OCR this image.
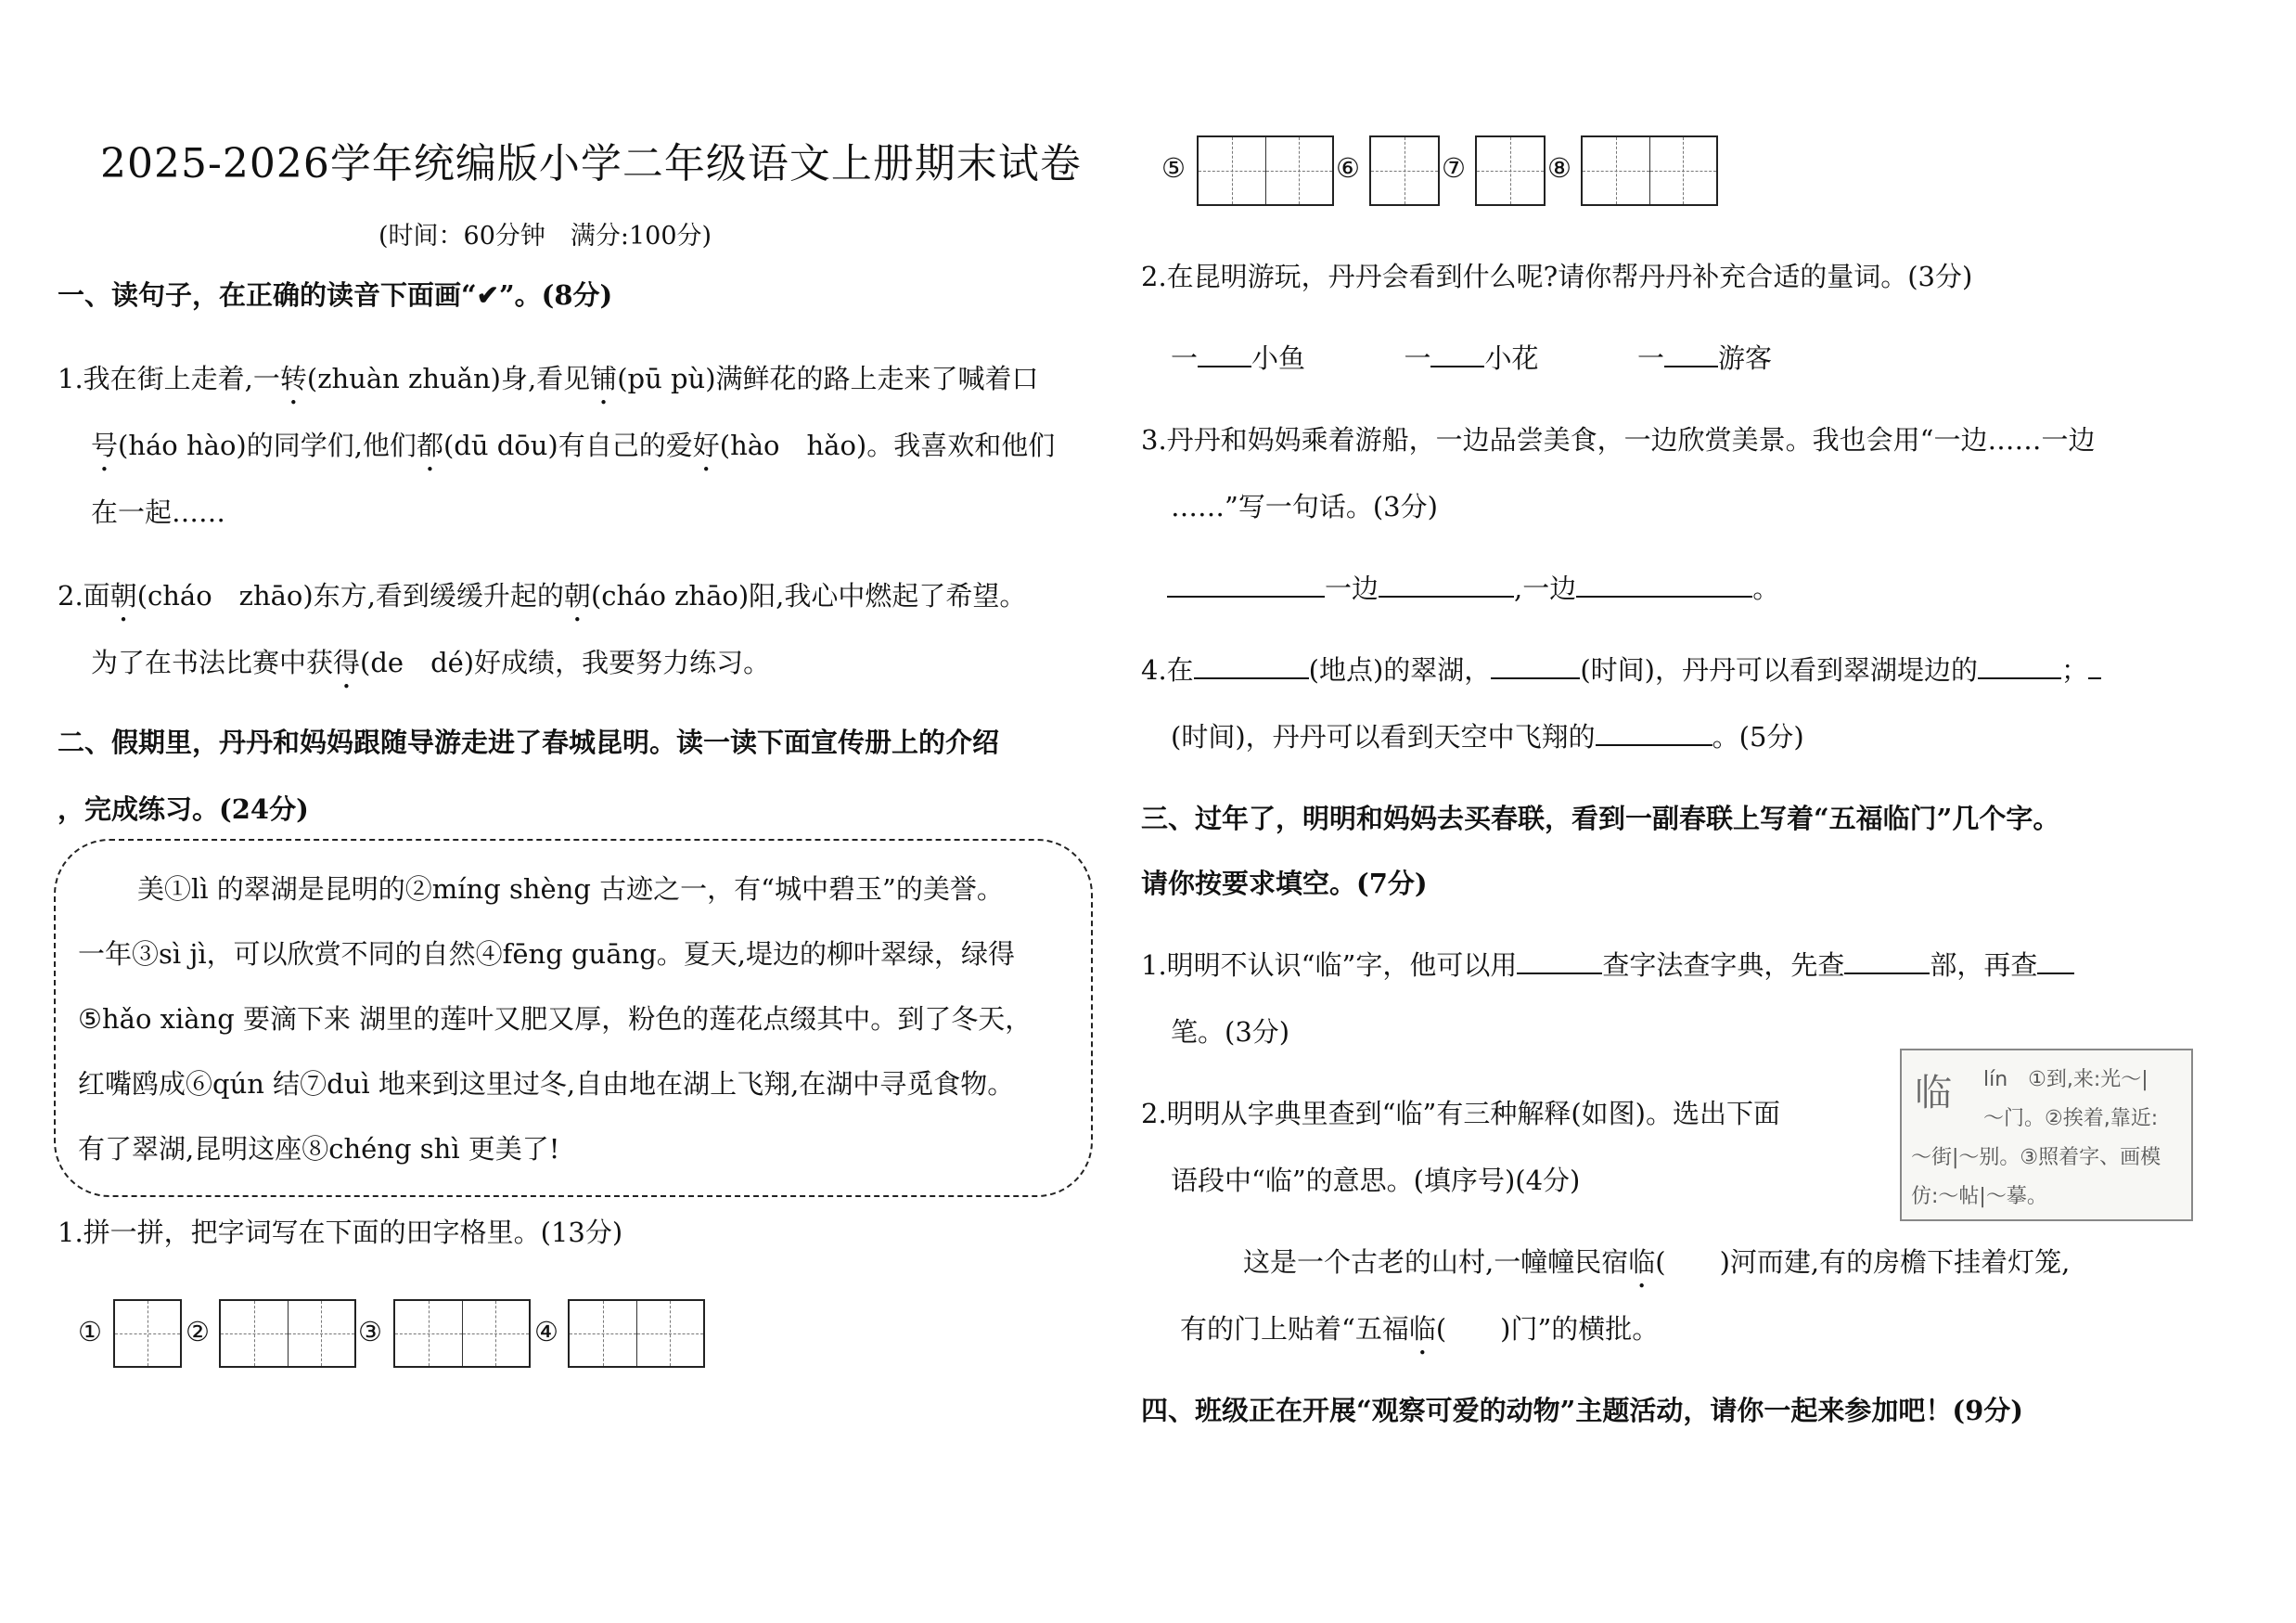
2025-2026学年统编版小学二年级语文上册期末试卷
(时间：60分钟　满分:100分)
一、读句子，在正确的读音下面画“✔”。(8分)
1.我在街上走着,一转(zhuàn zhuǎn)身,看见铺(pū pù)满鲜花的路上走来了喊着口
号(háo hào)的同学们,他们都(dū dōu)有自己的爱好(hào　hǎo)。我喜欢和他们
在一起……
2.面朝(cháo　zhāo)东方,看到缓缓升起的朝(cháo zhāo)阳,我心中燃起了希望。
为了在书法比赛中获得(de　dé)好成绩，我要努力练习。
二、假期里，丹丹和妈妈跟随导游走进了春城昆明。读一读下面宣传册上的介绍
，完成练习。(24分)
美①lì 的翠湖是昆明的②míng shèng 古迹之一，有“城中碧玉”的美誉。
一年③sì jì，可以欣赏不同的自然④fēng guāng。夏天,堤边的柳叶翠绿，绿得
⑤hǎo xiàng 要滴下来 湖里的莲叶又肥又厚，粉色的莲花点缀其中。到了冬天，
红嘴鸥成⑥qún 结⑦duì 地来到这里过冬,自由地在湖上飞翔,在湖中寻觅食物。
有了翠湖,昆明这座⑧chéng shì 更美了!
1.拼一拼，把字词写在下面的田字格里。(13分)
①	②	③	④
⑤	⑥	⑦	⑧
2.在昆明游玩，丹丹会看到什么呢?请你帮丹丹补充合适的量词。(3分)
一 小鱼	一 小花	一 游客
3.丹丹和妈妈乘着游船，一边品尝美食，一边欣赏美景。我也会用“一边……一边
……”写一句话。(3分)
一边	,一边	。
4.在	(地点)的翠湖，	(时间)，丹丹可以看到翠湖堤边的	；
(时间)，丹丹可以看到天空中飞翔的	。(5分)
三、过年了，明明和妈妈去买春联，看到一副春联上写着“五福临门”几个字。
请你按要求填空。(7分)
1.明明不认识“临”字，他可以用	查字法查字典，先查	部，再查
笔。(3分)
2.明明从字典里查到“临”有三种解释(如图)。选出下面
语段中“临”的意思。(填序号)(4分)
临 lín　①到,来:光～|
～门。②挨着,靠近:
～街|～别。③照着字、画模
仿:～帖|～摹。
这是一个古老的山村,一幢幢民宿临(　　)河而建,有的房檐下挂着灯笼,
有的门上贴着“五福临(　　)门”的横批。
四、班级正在开展“观察可爱的动物”主题活动，请你一起来参加吧！(9分)
